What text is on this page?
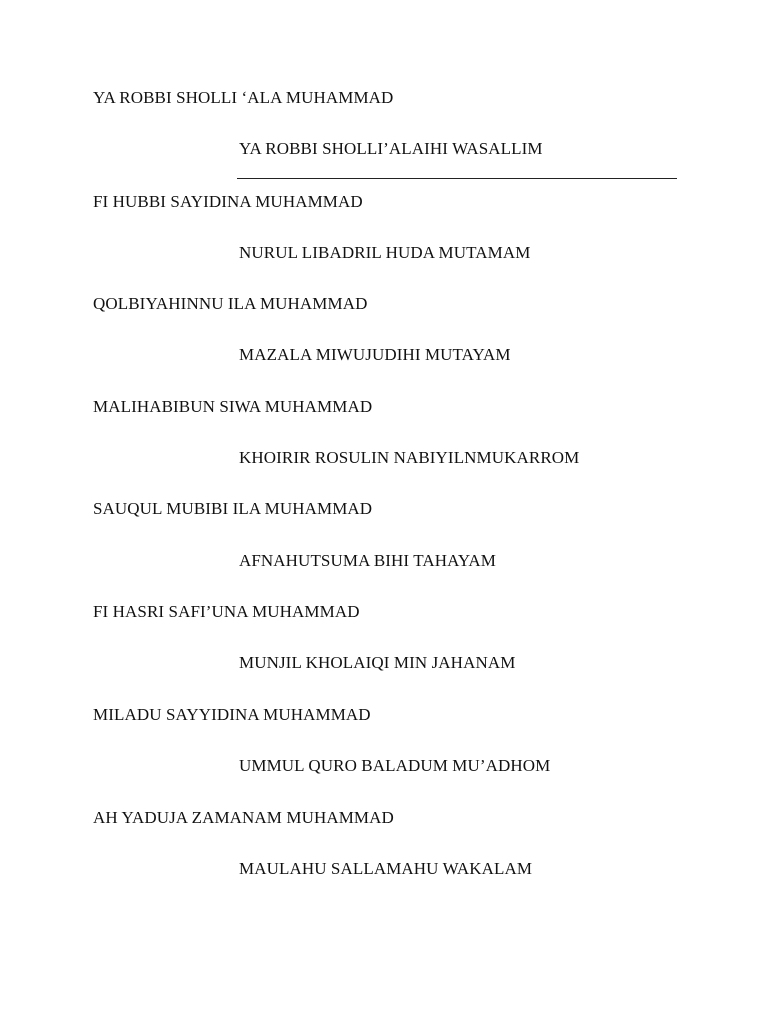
YA ROBBI SHOLLI ‘ALA MUHAMMAD
YA ROBBI SHOLLI’ALAIHI WASALLIM
FI HUBBI SAYIDINA MUHAMMAD
NURUL LIBADRIL HUDA MUTAMAM
QOLBIYAHINNU ILA MUHAMMAD
MAZALA MIWUJUDIHI MUTAYAM
MALIHABIBUN SIWA MUHAMMAD
KHOIRIR ROSULIN NABIYILNMUKARROM
SAUQUL MUBIBI ILA MUHAMMAD
AFNAHUTSUMA BIHI TAHAYAM
FI HASRI SAFI’UNA MUHAMMAD
MUNJIL KHOLAIQI MIN JAHANAM
MILADU SAYYIDINA MUHAMMAD
UMMUL QURO BALADUM MU’ADHOM
AH YADUJA ZAMANAM MUHAMMAD
MAULAHU SALLAMAHU WAKALAM
